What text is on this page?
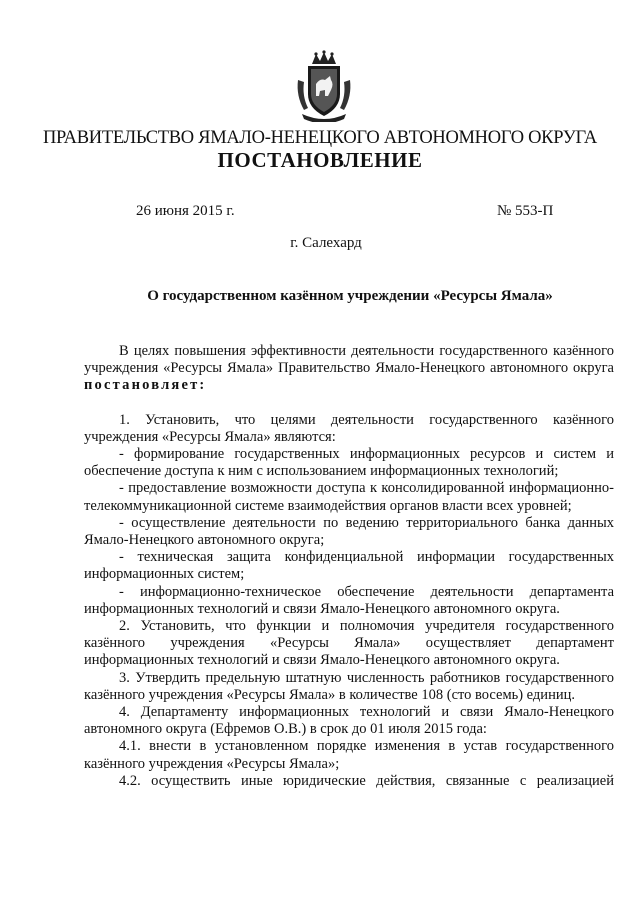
ПРАВИТЕЛЬСТВО ЯМАЛО-НЕНЕЦКОГО АВТОНОМНОГО ОКРУГА
ПОСТАНОВЛЕНИЕ
26 июня 2015 г.	№ 553-П
г. Салехард
О государственном казённом учреждении «Ресурсы Ямала»

В целях повышения эффективности деятельности государственного казённого учреждения «Ресурсы Ямала» Правительство Ямало-Ненецкого автономного округа постановляет:

1. Установить, что целями деятельности государственного казённого учреждения «Ресурсы Ямала» являются:

- формирование государственных информационных ресурсов и систем и обеспечение доступа к ним с использованием информационных технологий;

- предоставление возможности доступа к консолидированной информационно-телекоммуникационной системе взаимодействия органов власти всех уровней;

- осуществление деятельности по ведению территориального банка данных Ямало-Ненецкого автономного округа;

- техническая защита конфиденциальной информации государственных информационных систем;

- информационно-техническое обеспечение деятельности департамента информационных технологий и связи Ямало-Ненецкого автономного округа.

2. Установить, что функции и полномочия учредителя государственного казённого учреждения «Ресурсы Ямала» осуществляет департамент информационных технологий и связи Ямало-Ненецкого автономного округа.

3. Утвердить предельную штатную численность работников государственного казённого учреждения «Ресурсы Ямала» в количестве 108 (сто восемь) единиц.

4. Департаменту информационных технологий и связи Ямало-Ненецкого автономного округа (Ефремов О.В.) в срок до 01 июля 2015 года:

4.1. внести в установленном порядке изменения в устав государственного казённого учреждения «Ресурсы Ямала»;

4.2. осуществить иные юридические действия, связанные с реализацией
